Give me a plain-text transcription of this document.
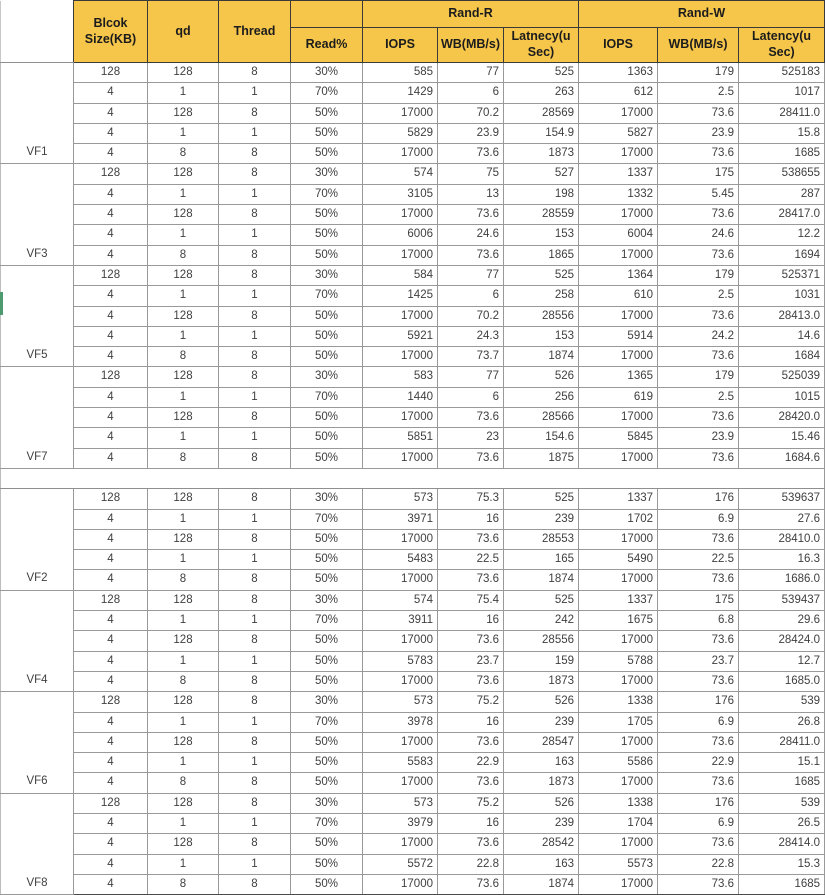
	Blcok Size(KB)	qd	Thread		Rand-R			Rand-W		
				Read%	IOPS	WB(MB/s)	Latnecy(u Sec)	IOPS	WB(MB/s)	Latency(u Sec)
VF1	128	128	8	30%	585	77	525	1363	179	525183
	4	1	1	70%	1429	6	263	612	2.5	1017
	4	128	8	50%	17000	70.2	28569	17000	73.6	28411.0
	4	1	1	50%	5829	23.9	154.9	5827	23.9	15.8
	4	8	8	50%	17000	73.6	1873	17000	73.6	1685
VF3	128	128	8	30%	574	75	527	1337	175	538655
	4	1	1	70%	3105	13	198	1332	5.45	287
	4	128	8	50%	17000	73.6	28559	17000	73.6	28417.0
	4	1	1	50%	6006	24.6	153	6004	24.6	12.2
	4	8	8	50%	17000	73.6	1865	17000	73.6	1694
VF5	128	128	8	30%	584	77	525	1364	179	525371
	4	1	1	70%	1425	6	258	610	2.5	1031
	4	128	8	50%	17000	70.2	28556	17000	73.6	28413.0
	4	1	1	50%	5921	24.3	153	5914	24.2	14.6
	4	8	8	50%	17000	73.7	1874	17000	73.6	1684
VF7	128	128	8	30%	583	77	526	1365	179	525039
	4	1	1	70%	1440	6	256	619	2.5	1015
	4	128	8	50%	17000	73.6	28566	17000	73.6	28420.0
	4	1	1	50%	5851	23	154.6	5845	23.9	15.46
	4	8	8	50%	17000	73.6	1875	17000	73.6	1684.6

VF2	128	128	8	30%	573	75.3	525	1337	176	539637
	4	1	1	70%	3971	16	239	1702	6.9	27.6
	4	128	8	50%	17000	73.6	28553	17000	73.6	28410.0
	4	1	1	50%	5483	22.5	165	5490	22.5	16.3
	4	8	8	50%	17000	73.6	1874	17000	73.6	1686.0
VF4	128	128	8	30%	574	75.4	525	1337	175	539437
	4	1	1	70%	3911	16	242	1675	6.8	29.6
	4	128	8	50%	17000	73.6	28556	17000	73.6	28424.0
	4	1	1	50%	5783	23.7	159	5788	23.7	12.7
	4	8	8	50%	17000	73.6	1873	17000	73.6	1685.0
VF6	128	128	8	30%	573	75.2	526	1338	176	539
	4	1	1	70%	3978	16	239	1705	6.9	26.8
	4	128	8	50%	17000	73.6	28547	17000	73.6	28411.0
	4	1	1	50%	5583	22.9	163	5586	22.9	15.1
	4	8	8	50%	17000	73.6	1873	17000	73.6	1685
VF8	128	128	8	30%	573	75.2	526	1338	176	539
	4	1	1	70%	3979	16	239	1704	6.9	26.5
	4	128	8	50%	17000	73.6	28542	17000	73.6	28414.0
	4	1	1	50%	5572	22.8	163	5573	22.8	15.3
	4	8	8	50%	17000	73.6	1874	17000	73.6	1685
